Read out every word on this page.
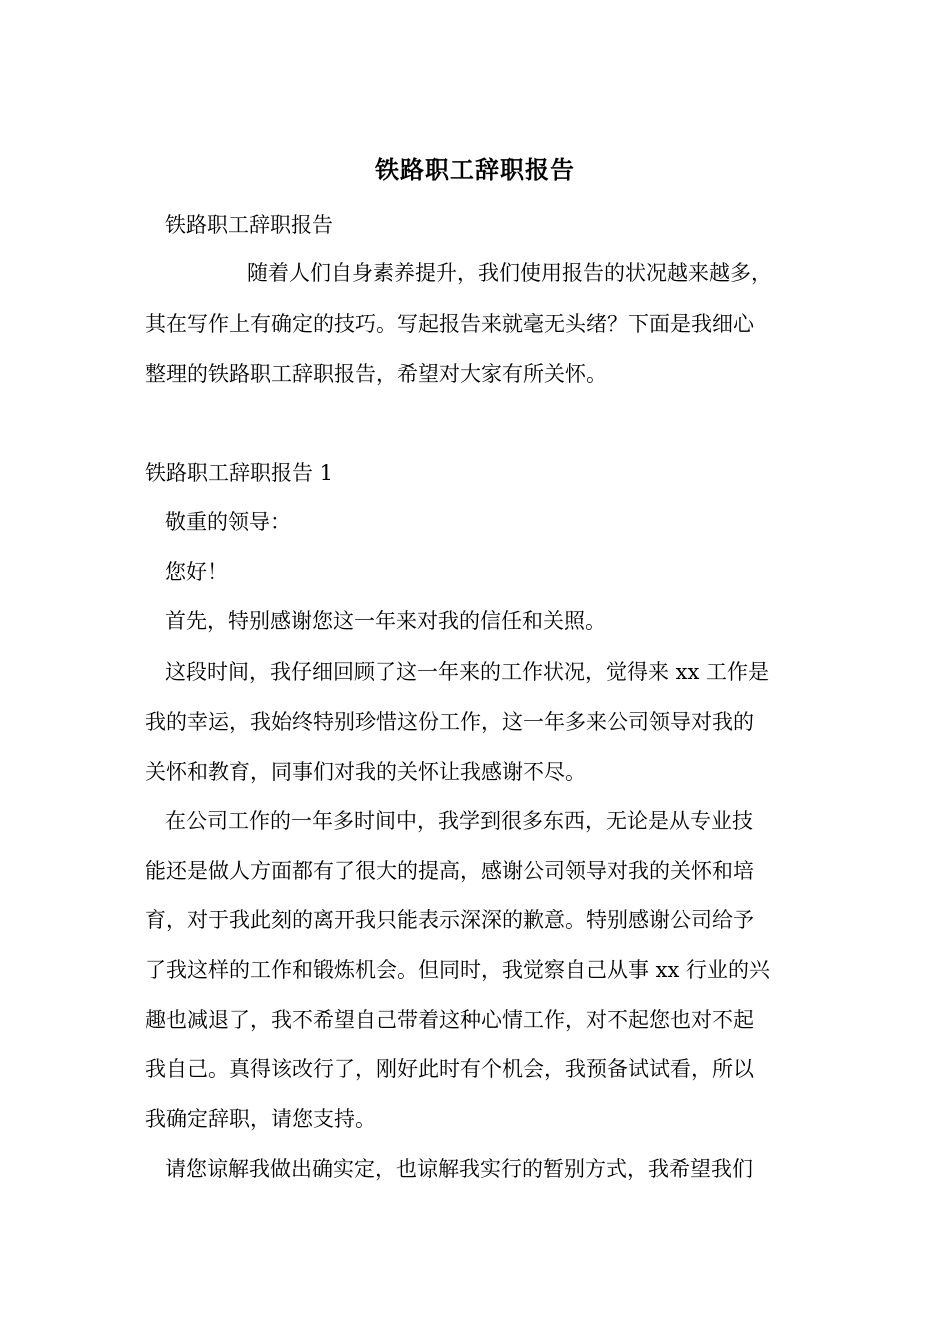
铁路职工辞职报告
铁路职工辞职报告
随着人们自身素养提升，我们使用报告的状况越来越多，
其在写作上有确定的技巧。写起报告来就毫无头绪？下面是我细心
整理的铁路职工辞职报告，希望对大家有所关怀。
铁路职工辞职报告 1
敬重的领导：
您好！
首先，特别感谢您这一年来对我的信任和关照。
这段时间，我仔细回顾了这一年来的工作状况，觉得来 xx 工作是
我的幸运，我始终特别珍惜这份工作，这一年多来公司领导对我的
关怀和教育，同事们对我的关怀让我感谢不尽。
在公司工作的一年多时间中，我学到很多东西，无论是从专业技
能还是做人方面都有了很大的提高，感谢公司领导对我的关怀和培
育，对于我此刻的离开我只能表示深深的歉意。特别感谢公司给予
了我这样的工作和锻炼机会。但同时，我觉察自己从事 xx 行业的兴
趣也减退了，我不希望自己带着这种心情工作，对不起您也对不起
我自己。真得该改行了，刚好此时有个机会，我预备试试看，所以
我确定辞职，请您支持。
请您谅解我做出确实定，也谅解我实行的暂别方式，我希望我们
